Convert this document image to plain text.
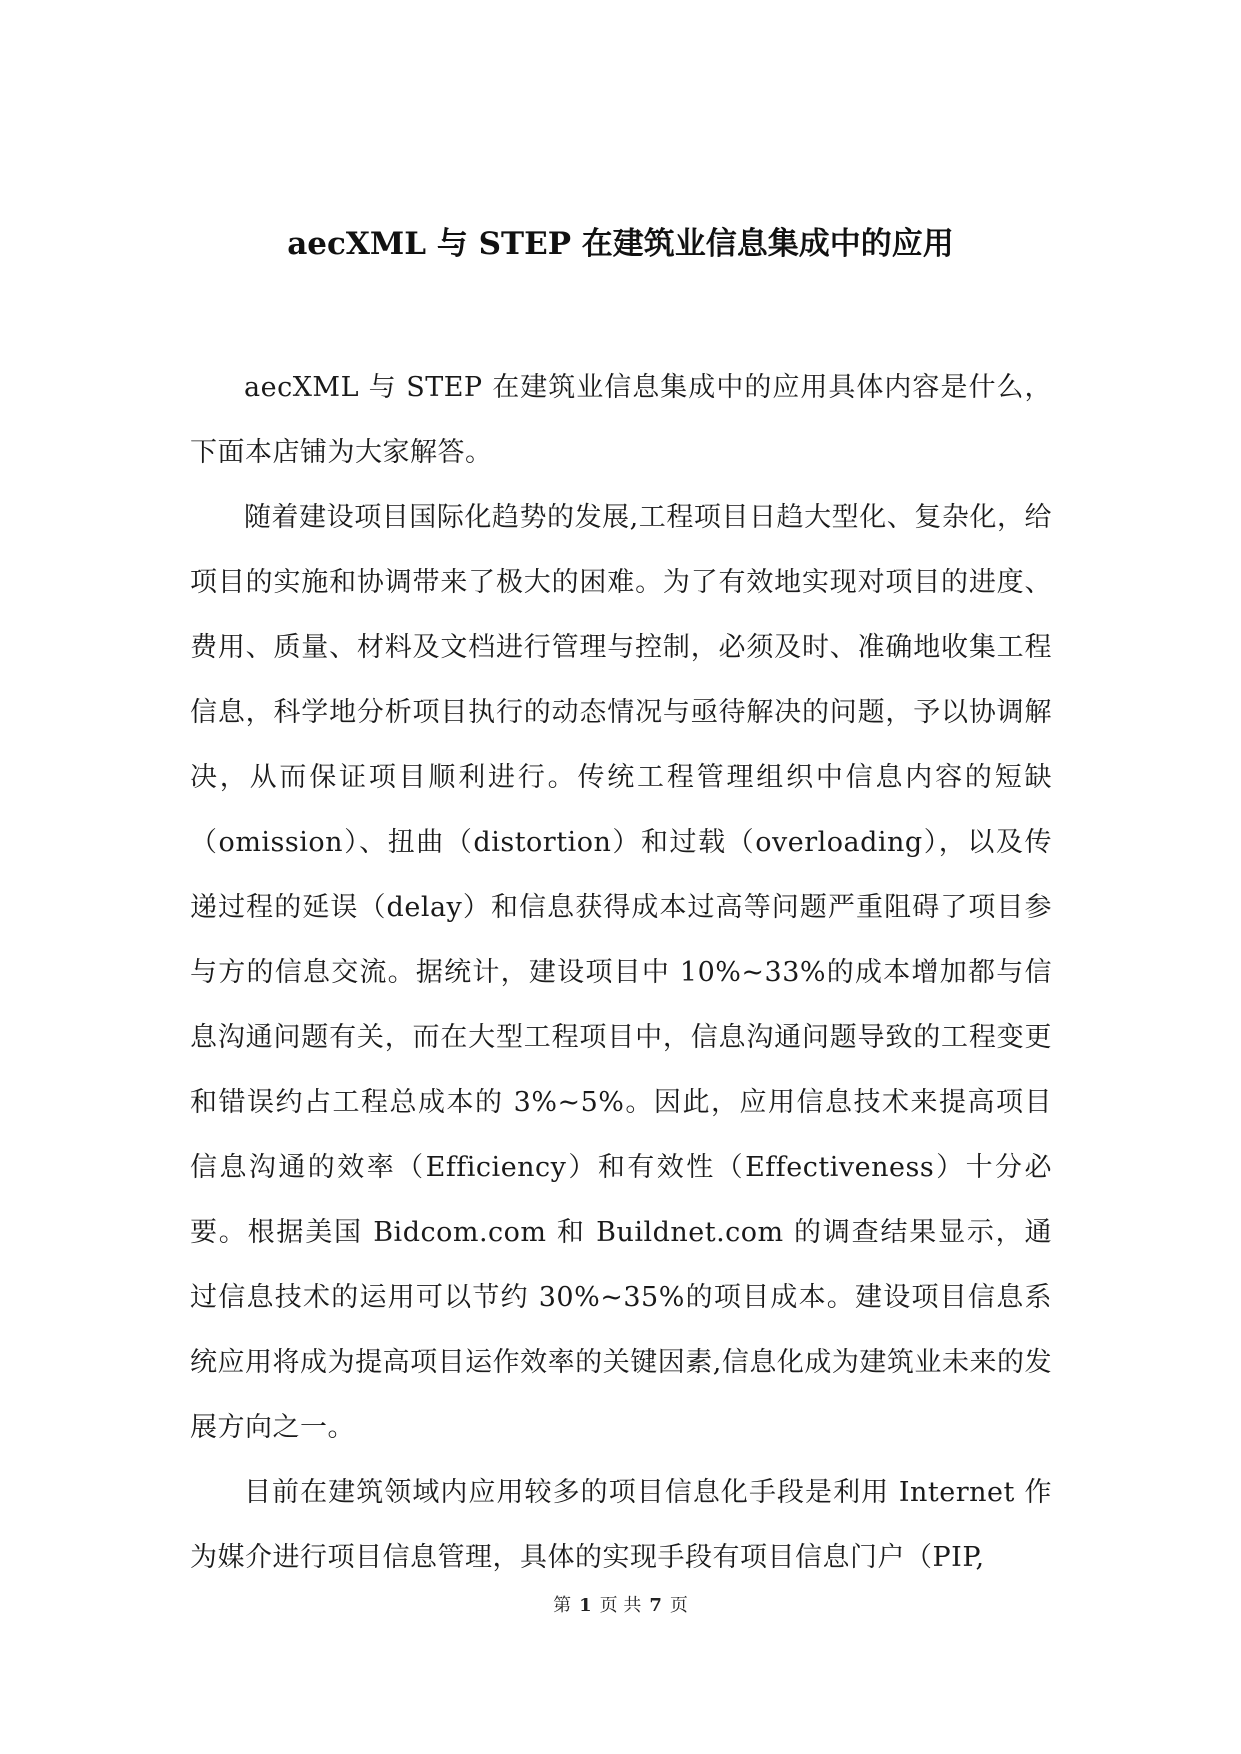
aecXML 与 STEP 在建筑业信息集成中的应用

aecXML 与 STEP 在建筑业信息集成中的应用具体内容是什么，下面本店铺为大家解答。

随着建设项目国际化趋势的发展,工程项目日趋大型化、复杂化，给项目的实施和协调带来了极大的困难。为了有效地实现对项目的进度、费用、质量、材料及文档进行管理与控制，必须及时、准确地收集工程信息，科学地分析项目执行的动态情况与亟待解决的问题，予以协调解决，从而保证项目顺利进行。传统工程管理组织中信息内容的短缺（omission）、扭曲（distortion）和过载（overloading），以及传递过程的延误（delay）和信息获得成本过高等问题严重阻碍了项目参与方的信息交流。据统计，建设项目中 10%~33%的成本增加都与信息沟通问题有关，而在大型工程项目中，信息沟通问题导致的工程变更和错误约占工程总成本的 3%~5%。因此，应用信息技术来提高项目信息沟通的效率（Efficiency）和有效性（Effectiveness）十分必要。根据美国 Bidcom.com 和 Buildnet.com 的调查结果显示，通过信息技术的运用可以节约 30%~35%的项目成本。建设项目信息系统应用将成为提高项目运作效率的关键因素,信息化成为建筑业未来的发展方向之一。

目前在建筑领域内应用较多的项目信息化手段是利用 Internet 作为媒介进行项目信息管理，具体的实现手段有项目信息门户（PIP,

第 1 页 共 7 页
